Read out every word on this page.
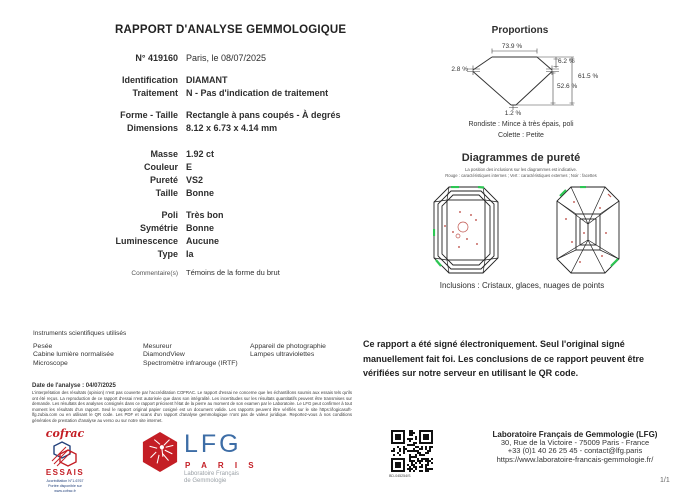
RAPPORT D'ANALYSE GEMMOLOGIQUE
N° 419160 Paris, le 08/07/2025
Identification DIAMANT
Traitement N - Pas d'indication de traitement
Forme - Taille Rectangle à pans coupés - À degrés
Dimensions 8.12 x 6.73 x 4.14 mm
Masse 1.92 ct
Couleur E
Pureté VS2
Taille Bonne
Poli Très bon
Symétrie Bonne
Luminescence Aucune
Type Ia
Commentaire(s) Témoins de la forme du brut
Proportions
73.9 %
2.8 %
6.2 %
52.6 %
61.5 %
1.2 %
Rondiste : Mince à très épais, poli
Colette : Petite
Diagrammes de pureté
La position des inclusions sur les diagrammes est indicative.
Rouge : caractéristiques internes ; Vert : caractéristiques externes ; Noir : facettes
Inclusions : Cristaux, glaces, nuages de points
Instruments scientifiques utilisés
Pesée
Cabine lumière normalisée
Microscope
Mesureur
DiamondView
Spectromètre infrarouge (IRTF)
Appareil de photographie
Lampes ultraviolettes
Ce rapport a été signé électroniquement. Seul l'original signé manuellement fait foi. Les conclusions de ce rapport peuvent être vérifiées sur notre serveur en utilisant le QR code.
Date de l'analyse : 04/07/2025
L'interprétation des résultats (opinion) n'est pas couverte par l'accréditation COFRAC. Le rapport d'essai ne concerne que les échantillons soumis aux essais tels qu'ils ont été reçus. La reproduction de ce rapport d'essai n'est autorisée que dans son intégralité. Les incertitudes sur les résultats quantitatifs peuvent être transmises sur demande. Les résultats des analyses consignés dans ce rapport précisent l'état de la pierre au moment de son examen par le Laboratoire. Le LFG peut confirmer à tout moment les résultats d'un rapport. Seul le rapport original papier cosigné est un document valide. Les rapports peuvent être vérifiés sur le site https://logicasoft-lfg.zubia.com ou en utilisant le QR code. Les PDF et scans d'un rapport d'analyse gemmologique n'ont pas de valeur juridique. Reportez-vous à nos conditions générales de prestation d'analyse au verso ou sur notre site internet.
cofrac
ESSAIS
Accréditation N°1-6767
Portée disponible sur
www.cofrac.fr
LFG
P A R I S
Laboratoire Français
de Gemmologie
BD-045254/S
Laboratoire Français de Gemmologie (LFG)
30, Rue de la Victoire - 75009 Paris - France
+33 (0)1 40 26 25 45 - contact@lfg.paris
https://www.laboratoire-francais-gemmologie.fr/
1/1
